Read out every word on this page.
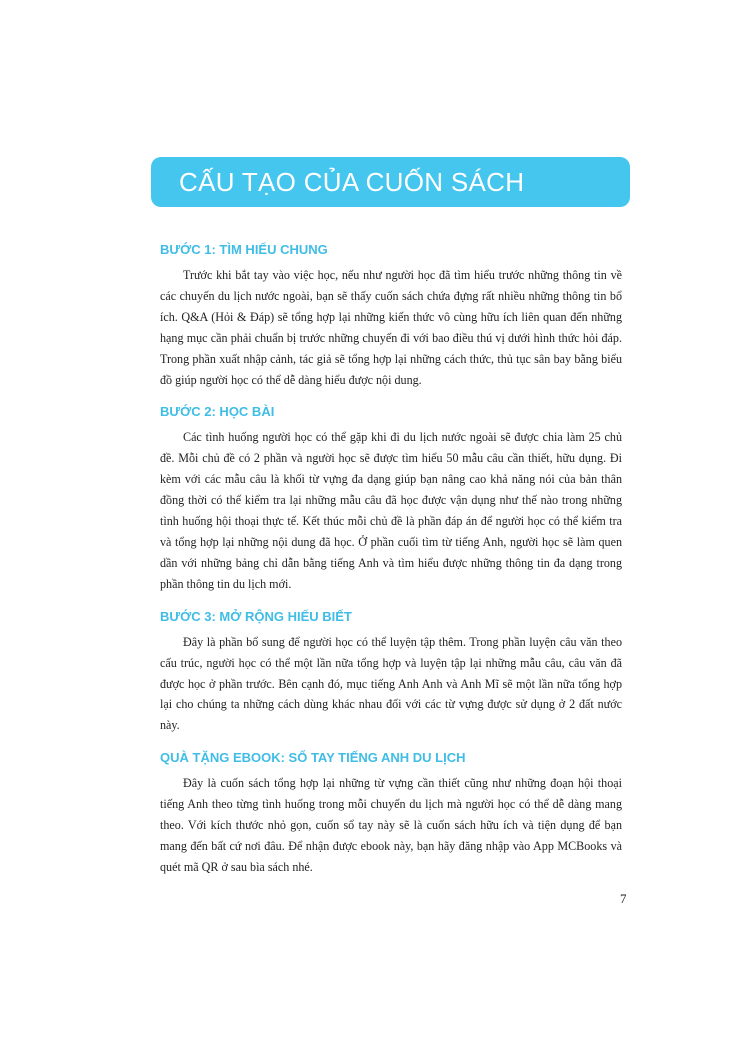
CẤU TẠO CỦA CUỐN SÁCH
BƯỚC 1: TÌM HIỂU CHUNG

Trước khi bắt tay vào việc học, nếu như người học đã tìm hiểu trước những thông tin về các chuyến du lịch nước ngoài, bạn sẽ thấy cuốn sách chứa đựng rất nhiều những thông tin bổ ích. Q&A (Hỏi & Đáp) sẽ tổng hợp lại những kiến thức vô cùng hữu ích liên quan đến những hạng mục cần phải chuẩn bị trước những chuyến đi với bao điều thú vị dưới hình thức hỏi đáp. Trong phần xuất nhập cảnh, tác giả sẽ tổng hợp lại những cách thức, thủ tục sân bay bằng biểu đồ giúp người học có thể dễ dàng hiểu được nội dung.

BƯỚC 2: HỌC BÀI

Các tình huống người học có thể gặp khi đi du lịch nước ngoài sẽ được chia làm 25 chủ đề. Mỗi chủ đề có 2 phần và người học sẽ được tìm hiểu 50 mẫu câu cần thiết, hữu dụng. Đi kèm với các mẫu câu là khối từ vựng đa dạng giúp bạn nâng cao khả năng nói của bản thân đồng thời có thể kiểm tra lại những mẫu câu đã học được vận dụng như thế nào trong những tình huống hội thoại thực tế. Kết thúc mỗi chủ đề là phần đáp án để người học có thể kiểm tra và tổng hợp lại những nội dung đã học. Ở phần cuối tìm từ tiếng Anh, người học sẽ làm quen dần với những bảng chỉ dẫn bằng tiếng Anh và tìm hiểu được những thông tin đa dạng trong phần thông tin du lịch mới.

BƯỚC 3: MỞ RỘNG HIỂU BIẾT

Đây là phần bổ sung để người học có thể luyện tập thêm. Trong phần luyện câu văn theo cấu trúc, người học có thể một lần nữa tổng hợp và luyện tập lại những mẫu câu, câu văn đã được học ở phần trước. Bên cạnh đó, mục tiếng Anh Anh và Anh Mĩ sẽ một lần nữa tổng hợp lại cho chúng ta những cách dùng khác nhau đối với các từ vựng được sử dụng ở 2 đất nước này.

QUÀ TẶNG EBOOK: SỔ TAY TIẾNG ANH DU LỊCH

Đây là cuốn sách tổng hợp lại những từ vựng cần thiết cũng như những đoạn hội thoại tiếng Anh theo từng tình huống trong mỗi chuyến du lịch mà người học có thể dễ dàng mang theo. Với kích thước nhỏ gọn, cuốn sổ tay này sẽ là cuốn sách hữu ích và tiện dụng để bạn mang đến bất cứ nơi đâu. Để nhận được ebook này, bạn hãy đăng nhập vào App MCBooks và quét mã QR ở sau bìa sách nhé.

7
